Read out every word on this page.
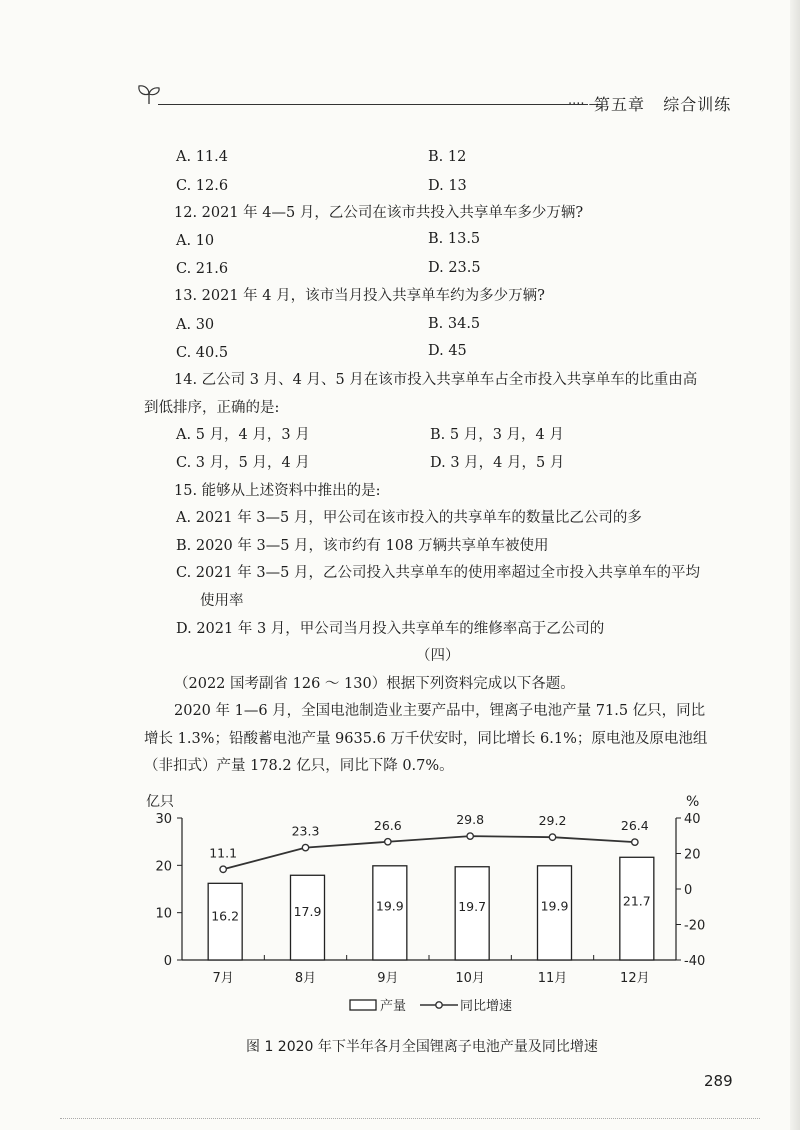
···· —
第五章 综合训练
A. 11.4	B. 12
C. 12.6	D. 13
12. 2021 年 4—5 月，乙公司在该市共投入共享单车多少万辆?
A. 10	B. 13.5
C. 21.6	D. 23.5
13. 2021 年 4 月，该市当月投入共享单车约为多少万辆?
A. 30	B. 34.5
C. 40.5	D. 45
14. 乙公司 3 月、4 月、5 月在该市投入共享单车占全市投入共享单车的比重由高
到低排序，正确的是:
A. 5 月，4 月，3 月	B. 5 月，3 月，4 月
C. 3 月，5 月，4 月	D. 3 月，4 月，5 月
15. 能够从上述资料中推出的是:
A. 2021 年 3—5 月，甲公司在该市投入的共享单车的数量比乙公司的多
B. 2020 年 3—5 月，该市约有 108 万辆共享单车被使用
C. 2021 年 3—5 月，乙公司投入共享单车的使用率超过全市投入共享单车的平均
使用率
D. 2021 年 3 月，甲公司当月投入共享单车的维修率高于乙公司的
（四）
（2022 国考副省 126 ～ 130）根据下列资料完成以下各题。
2020 年 1—6 月，全国电池制造业主要产品中，锂离子电池产量 71.5 亿只，同比
增长 1.3%；铅酸蓄电池产量 9635.6 万千伏安时，同比增长 6.1%；原电池及原电池组
（非扣式）产量 178.2 亿只，同比下降 0.7%。
亿只	%
0
10
20
30
-40
-20
0
20
40
7月	8月	9月	10月	11月	12月
16.2
11.1
17.9
23.3
19.9
26.6
19.7
29.8
19.9
29.2
21.7
26.4
产量	同比增速
图 1 2020 年下半年各月全国锂离子电池产量及同比增速
289
